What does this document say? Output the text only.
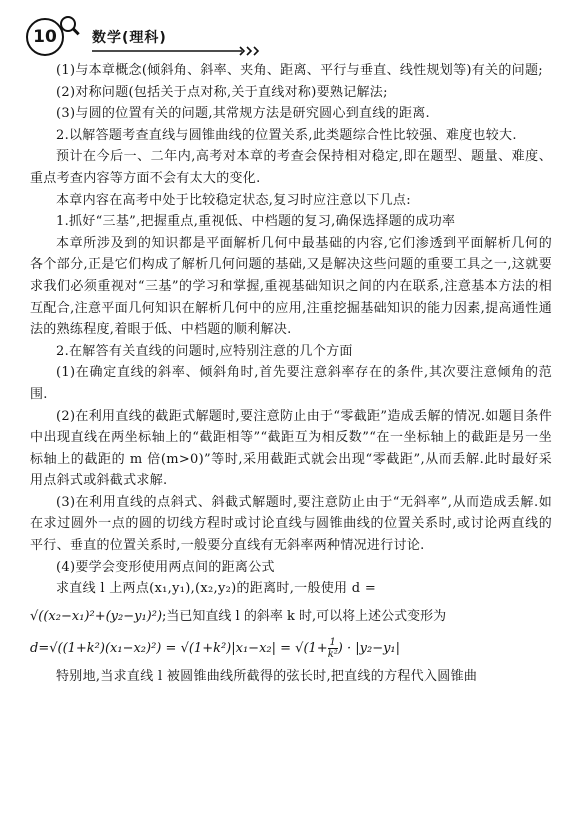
10	数学(理科)

(1)与本章概念(倾斜角、斜率、夹角、距离、平行与垂直、线性规划等)有关的问题;

(2)对称问题(包括关于点对称,关于直线对称)要熟记解法;

(3)与圆的位置有关的问题,其常规方法是研究圆心到直线的距离.

2.以解答题考查直线与圆锥曲线的位置关系,此类题综合性比较强、难度也较大.

预计在今后一、二年内,高考对本章的考查会保持相对稳定,即在题型、题量、难度、重点考查内容等方面不会有太大的变化.

本章内容在高考中处于比较稳定状态,复习时应注意以下几点:

1.抓好“三基”,把握重点,重视低、中档题的复习,确保选择题的成功率

本章所涉及到的知识都是平面解析几何中最基础的内容,它们渗透到平面解析几何的各个部分,正是它们构成了解析几何问题的基础,又是解决这些问题的重要工具之一,这就要求我们必须重视对“三基”的学习和掌握,重视基础知识之间的内在联系,注意基本方法的相互配合,注意平面几何知识在解析几何中的应用,注重挖掘基础知识的能力因素,提高通性通法的熟练程度,着眼于低、中档题的顺利解决.

2.在解答有关直线的问题时,应特别注意的几个方面

(1)在确定直线的斜率、倾斜角时,首先要注意斜率存在的条件,其次要注意倾角的范围.

(2)在利用直线的截距式解题时,要注意防止由于“零截距”造成丢解的情况.如题目条件中出现直线在两坐标轴上的“截距相等”“截距互为相反数”“在一坐标轴上的截距是另一坐标轴上的截距的 m 倍(m>0)”等时,采用截距式就会出现“零截距”,从而丢解.此时最好采用点斜式或斜截式求解.

(3)在利用直线的点斜式、斜截式解题时,要注意防止由于“无斜率”,从而造成丢解.如在求过圆外一点的圆的切线方程时或讨论直线与圆锥曲线的位置关系时,或讨论两直线的平行、垂直的位置关系时,一般要分直线有无斜率两种情况进行讨论.

(4)要学会变形使用两点间的距离公式

求直线 l 上两点(x₁,y₁),(x₂,y₂)的距离时,一般使用 d =

√((x₂−x₁)²+(y₂−y₁)²);当已知直线 l 的斜率 k 时,可以将上述公式变形为
$d=√((1+k^2)(x_1-x_2)^2) = √(1+k^2)|x_1-x_2| = √(1+ \frac{1}{\text{k²}}$ ) · |y₂−y₁|

特别地,当求直线 l 被圆锥曲线所截得的弦长时,把直线的方程代入圆锥曲
